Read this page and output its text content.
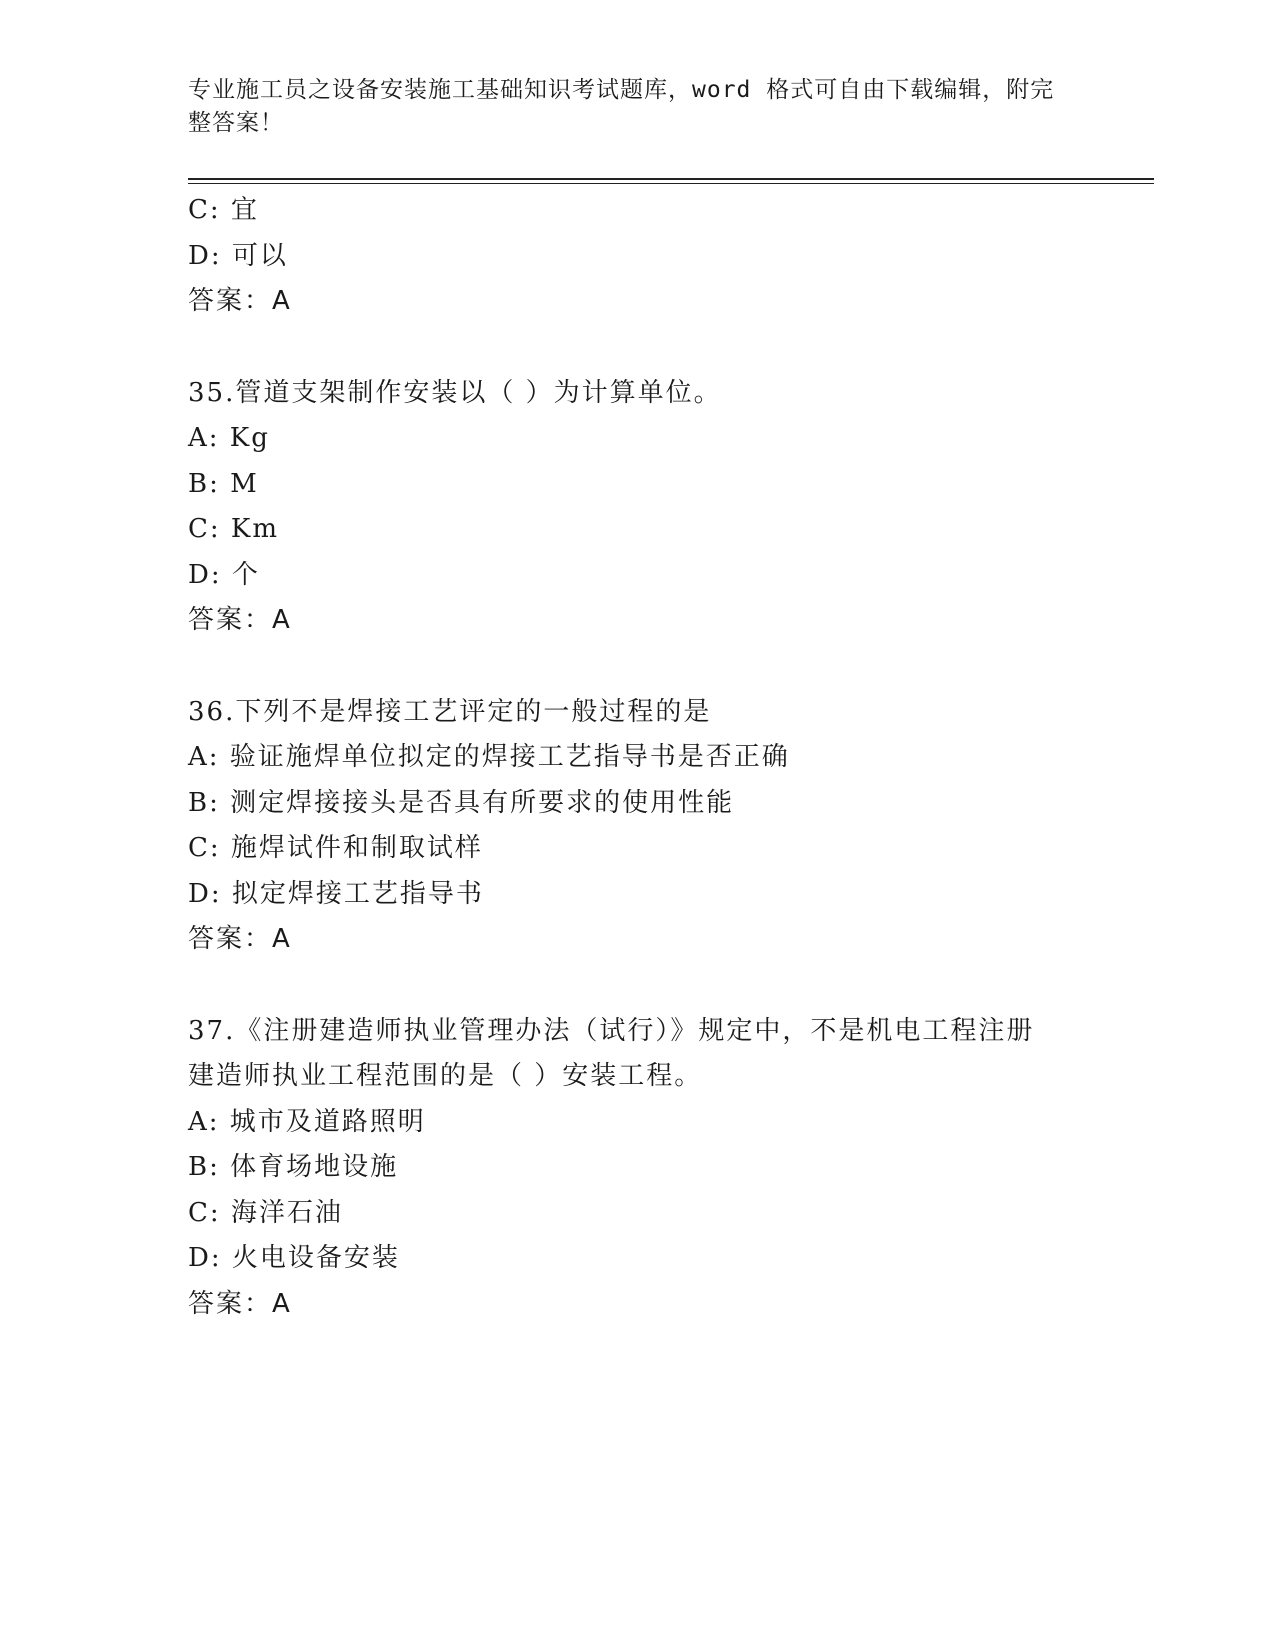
专业施工员之设备安装施工基础知识考试题库，word 格式可自由下载编辑，附完
整答案！
C: 宜
D: 可以
答案：A
35.管道支架制作安装以（ ）为计算单位。
A: Kg
B: M
C: Km
D: 个
答案：A
36.下列不是焊接工艺评定的一般过程的是
A: 验证施焊单位拟定的焊接工艺指导书是否正确
B: 测定焊接接头是否具有所要求的使用性能
C: 施焊试件和制取试样
D: 拟定焊接工艺指导书
答案：A
37.《注册建造师执业管理办法（试行）》规定中，不是机电工程注册
建造师执业工程范围的是（ ）安装工程。
A: 城市及道路照明
B: 体育场地设施
C: 海洋石油
D: 火电设备安装
答案：A
